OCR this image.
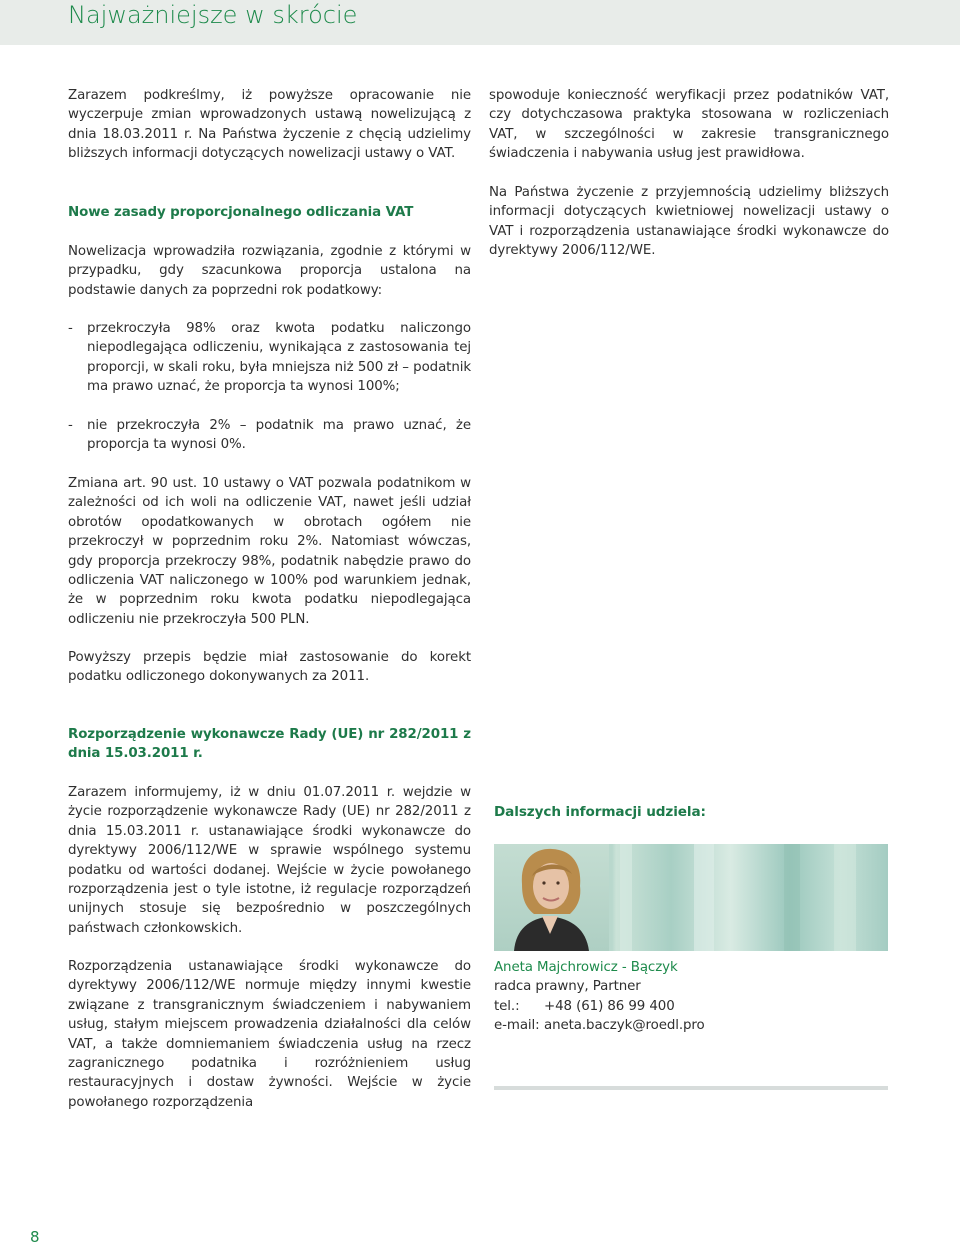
Najważniejsze w skrócie

Zarazem podkreślmy, iż powyższe opracowanie nie wyczerpuje zmian wprowadzonych ustawą nowelizującą z dnia 18.03.2011 r. Na Państwa życzenie z chęcią udzielimy bliższych informacji dotyczących nowelizacji ustawy o VAT.

Nowe zasady proporcjonalnego odliczania VAT

Nowelizacja wprowadziła rozwiązania, zgodnie z którymi w przypadku, gdy szacunkowa proporcja ustalona na podstawie danych za poprzedni rok podatkowy:

-	przekroczyła 98% oraz kwota podatku naliczongo niepodlegająca odliczeniu, wynikająca z zastosowania tej proporcji, w skali roku, była mniejsza niż 500 zł – podatnik ma prawo uznać, że proporcja ta wynosi 100%;
-	nie przekroczyła 2% – podatnik ma prawo uznać, że proporcja ta wynosi 0%.

Zmiana art. 90 ust. 10 ustawy o VAT pozwala podatnikom w zależności od ich woli na odliczenie VAT, nawet jeśli udział obrotów opodatkowanych w obrotach ogółem nie przekroczył w poprzednim roku 2%. Natomiast wówczas, gdy proporcja przekroczy 98%, podatnik nabędzie prawo do odliczenia VAT naliczonego w 100% pod warunkiem jednak, że w poprzednim roku kwota podatku niepodlegająca odliczeniu nie przekroczyła 500 PLN.

Powyższy przepis będzie miał zastosowanie do korekt podatku odliczonego dokonywanych za 2011.

Rozporządzenie wykonawcze Rady (UE) nr 282/2011 z dnia 15.03.2011 r.

Zarazem informujemy, iż w dniu 01.07.2011 r. wejdzie w życie rozporządzenie wykonawcze Rady (UE) nr 282/2011 z dnia 15.03.2011 r. ustanawiające środki wykonawcze do dyrektywy 2006/112/WE w sprawie wspólnego systemu podatku od wartości dodanej. Wejście w życie powołanego rozporządzenia jest o tyle istotne, iż regulacje rozporządzeń unijnych stosuje się bezpośrednio w poszczególnych państwach członkowskich.

Rozporządzenia ustanawiające środki wykonawcze do dyrektywy 2006/112/WE normuje między innymi kwestie związane z transgranicznym świadczeniem i nabywaniem usług, stałym miejscem prowadzenia działalności dla celów VAT, a także domniemaniem świadczenia usług na rzecz zagranicznego podatnika i rozróżnieniem usług restauracyjnych i dostaw żywności. Wejście w życie powołanego rozporządzenia

spowoduje konieczność weryfikacji przez podatników VAT, czy dotychczasowa praktyka stosowana w rozliczeniach VAT, w szczególności w zakresie transgranicznego świadczenia i nabywania usług jest prawidłowa.

Na Państwa życzenie z przyjemnością udzielimy bliższych informacji dotyczących kwietniowej nowelizacji ustawy o VAT i rozporządzenia ustanawiające środki wykonawcze do dyrektywy 2006/112/WE.

Dalszych informacji udziela:

Aneta Majchrowicz - Bączyk

radca prawny, Partner

tel.: +48 (61) 86 99 400

e-mail: aneta.baczyk@roedl.pro

8
